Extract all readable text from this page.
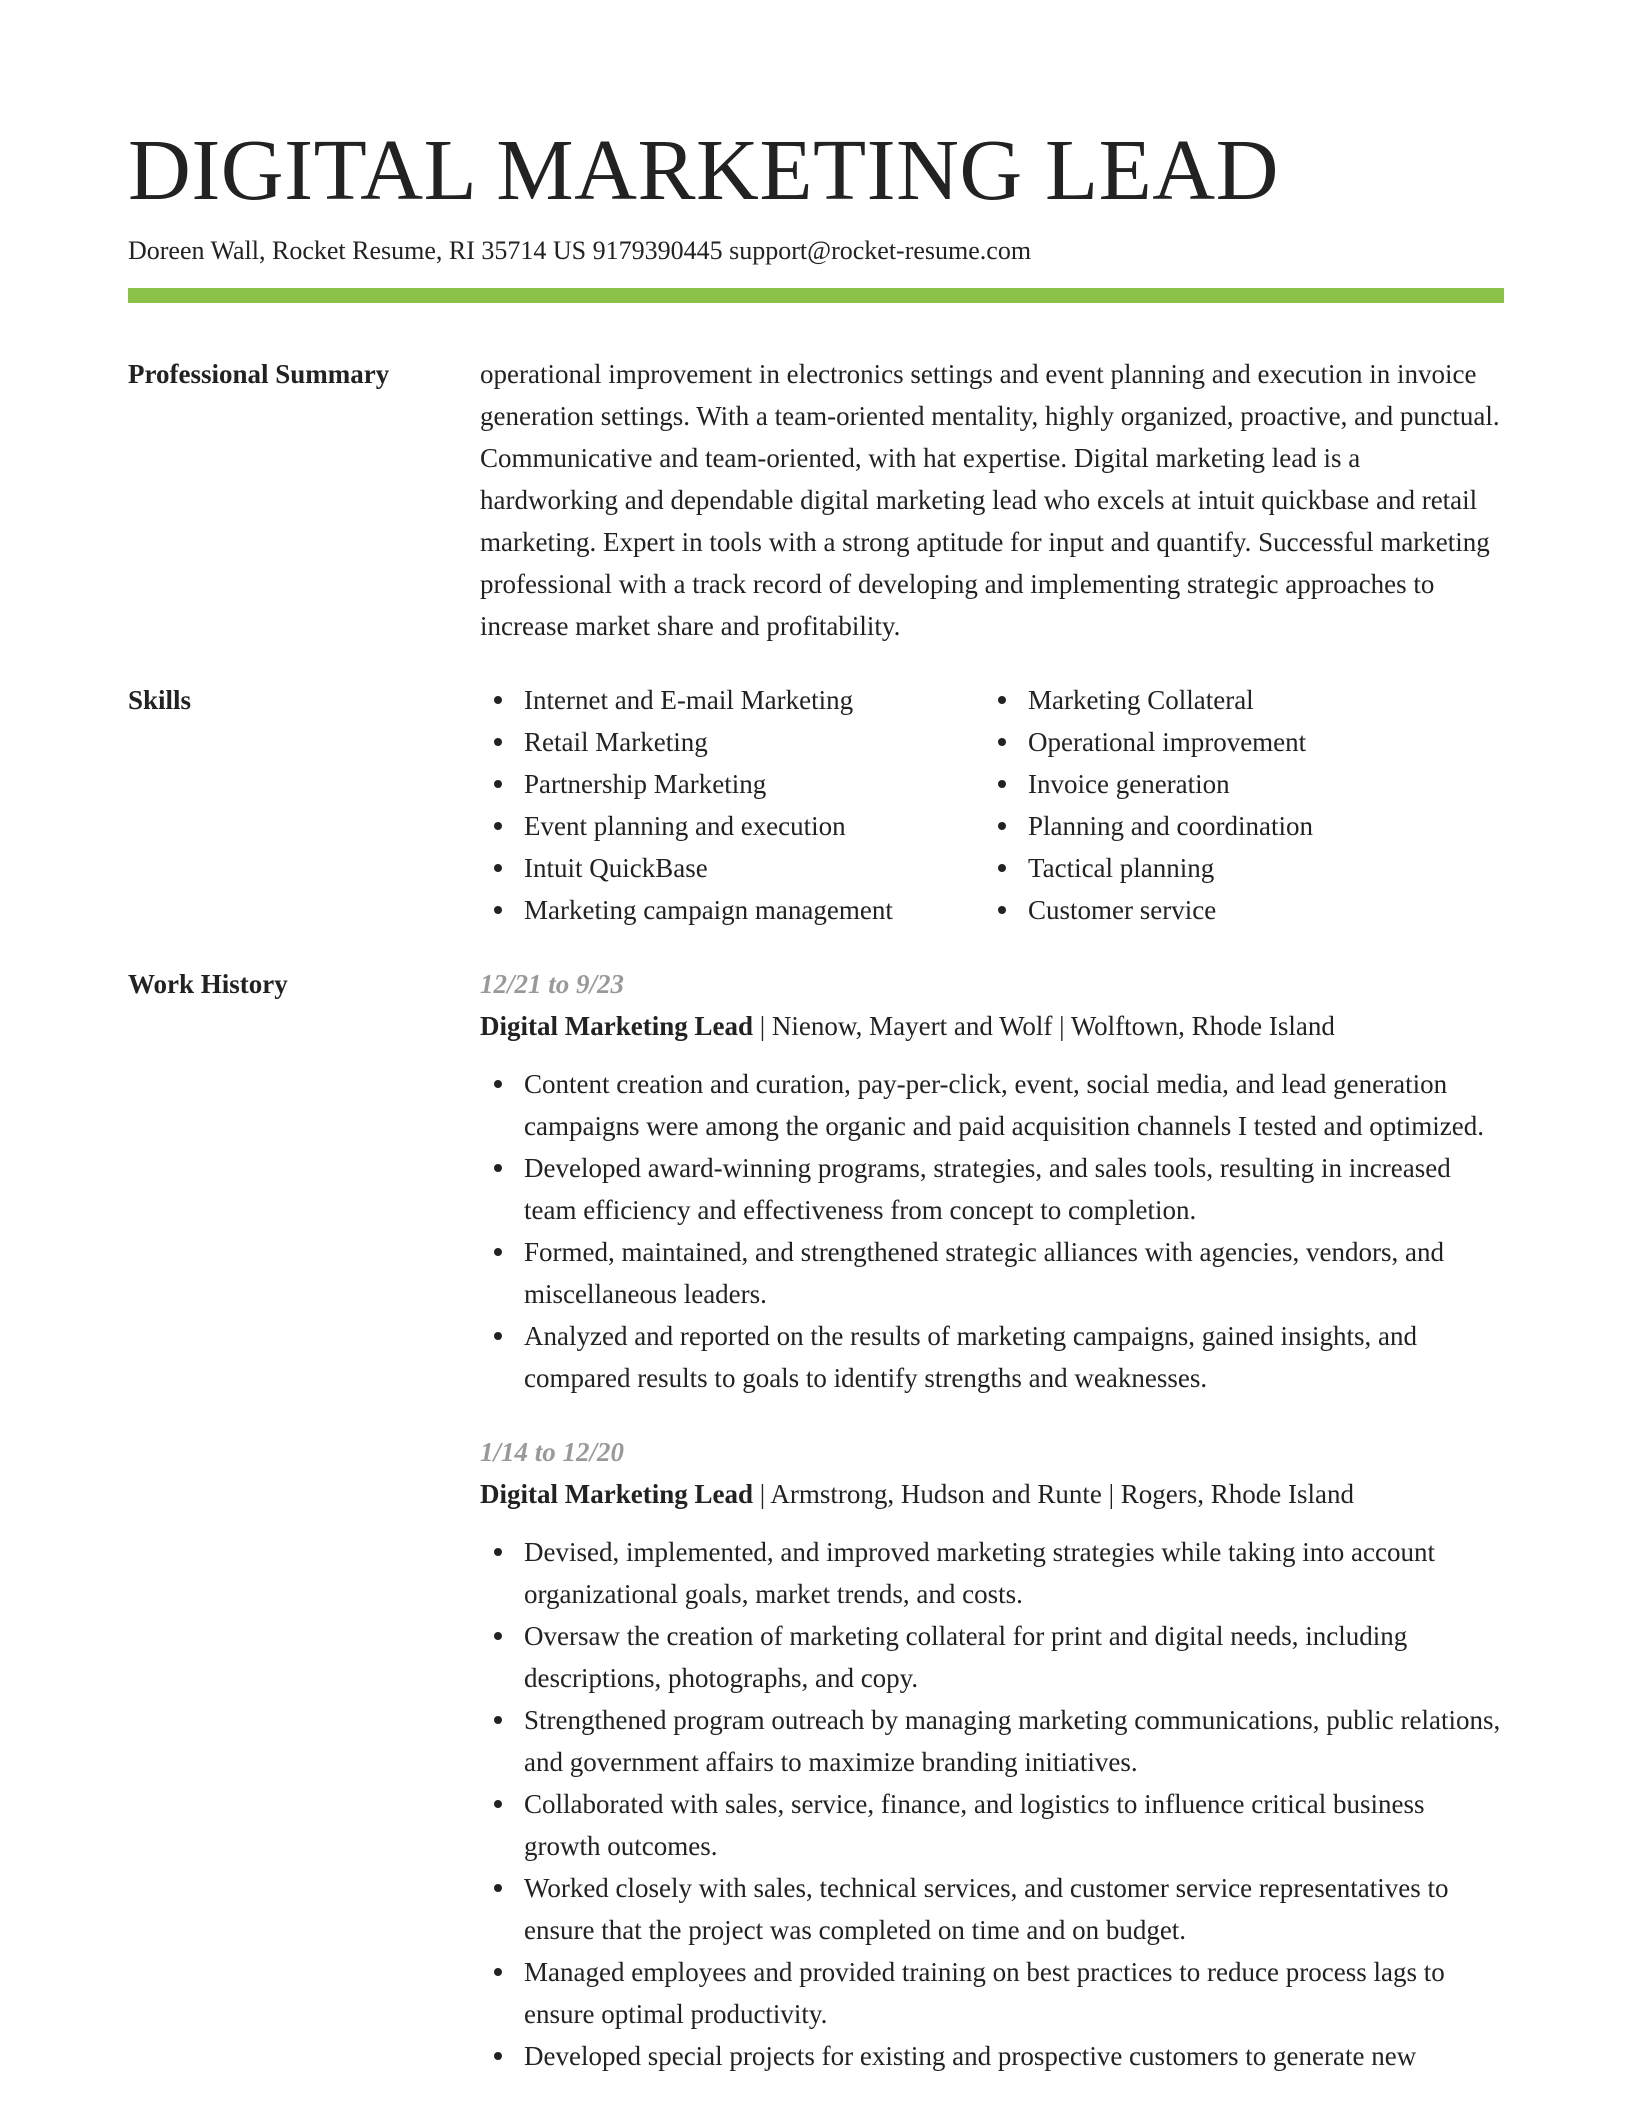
DIGITAL MARKETING LEAD
Doreen Wall, Rocket Resume, RI 35714 US 9179390445 support@rocket-resume.com
Professional Summary	operational improvement in electronics settings and event planning and execution in invoice generation settings. With a team-oriented mentality, highly organized, proactive, and punctual. Communicative and team-oriented, with hat expertise. Digital marketing lead is a hardworking and dependable digital marketing lead who excels at intuit quickbase and retail marketing. Expert in tools with a strong aptitude for input and quantify. Successful marketing professional with a track record of developing and implementing strategic approaches to increase market share and profitability.

Skills	Internet and E-mail Marketing
Retail Marketing
Partnership Marketing
Event planning and execution
Intuit QuickBase
Marketing campaign management
Marketing Collateral
Operational improvement
Invoice generation
Planning and coordination
Tactical planning
Customer service
Work History	12/21 to 9/23
Digital Marketing Lead | Nienow, Mayert and Wolf | Wolftown, Rhode Island
Content creation and curation, pay-per-click, event, social media, and lead generation campaigns were among the organic and paid acquisition channels I tested and optimized.
Developed award-winning programs, strategies, and sales tools, resulting in increased team efficiency and effectiveness from concept to completion.
Formed, maintained, and strengthened strategic alliances with agencies, vendors, and miscellaneous leaders.
Analyzed and reported on the results of marketing campaigns, gained insights, and compared results to goals to identify strengths and weaknesses.
1/14 to 12/20
Digital Marketing Lead | Armstrong, Hudson and Runte | Rogers, Rhode Island
Devised, implemented, and improved marketing strategies while taking into account organizational goals, market trends, and costs.
Oversaw the creation of marketing collateral for print and digital needs, including descriptions, photographs, and copy.
Strengthened program outreach by managing marketing communications, public relations, and government affairs to maximize branding initiatives.
Collaborated with sales, service, finance, and logistics to influence critical business growth outcomes.
Worked closely with sales, technical services, and customer service representatives to ensure that the project was completed on time and on budget.
Managed employees and provided training on best practices to reduce process lags to ensure optimal productivity.
Developed special projects for existing and prospective customers to generate new
